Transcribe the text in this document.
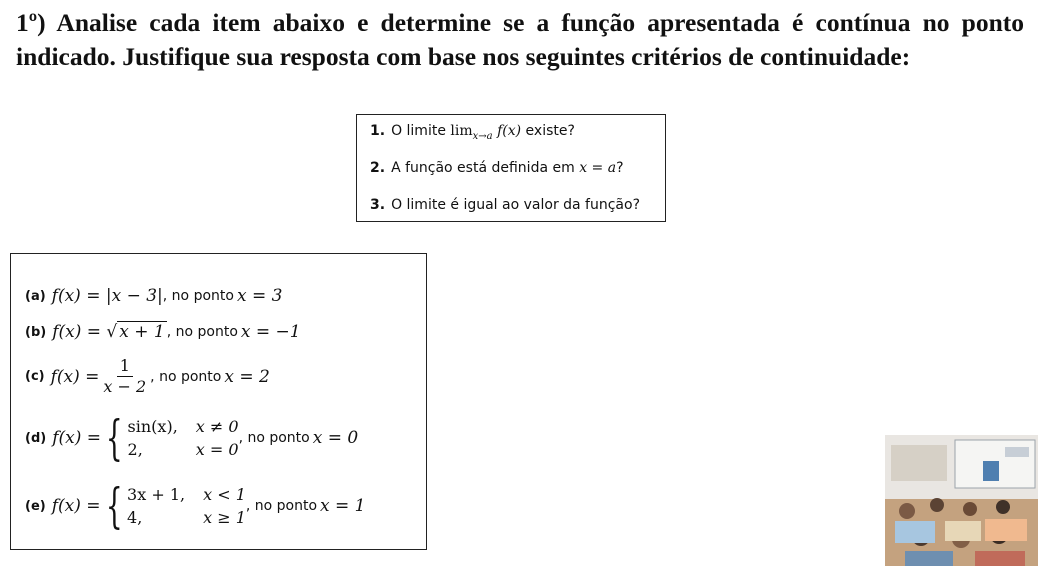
1º) Analise cada item abaixo e determine se a função apresentada é contínua no ponto indicado. Justifique sua resposta com base nos seguintes critérios de continuidade:

1. O limite $\lim_{x\to a} f(x)$ existe?
2. A função está definida em x = a?
3. O limite é igual ao valor da função?
(a) f(x) = |x − 3| , no ponto x = 3
(b) f(x) = √ x + 1 , no ponto x = −1
(c) $f(x) = \frac{1}{x - 2}$ , no ponto x = 2
(d) f(x) = { sin(x), x ≠ 0
2,	x = 0
, no ponto x = 0
(e) f(x) = { 3x + 1, x < 1
4,	x ≥ 1
, no ponto x = 1
